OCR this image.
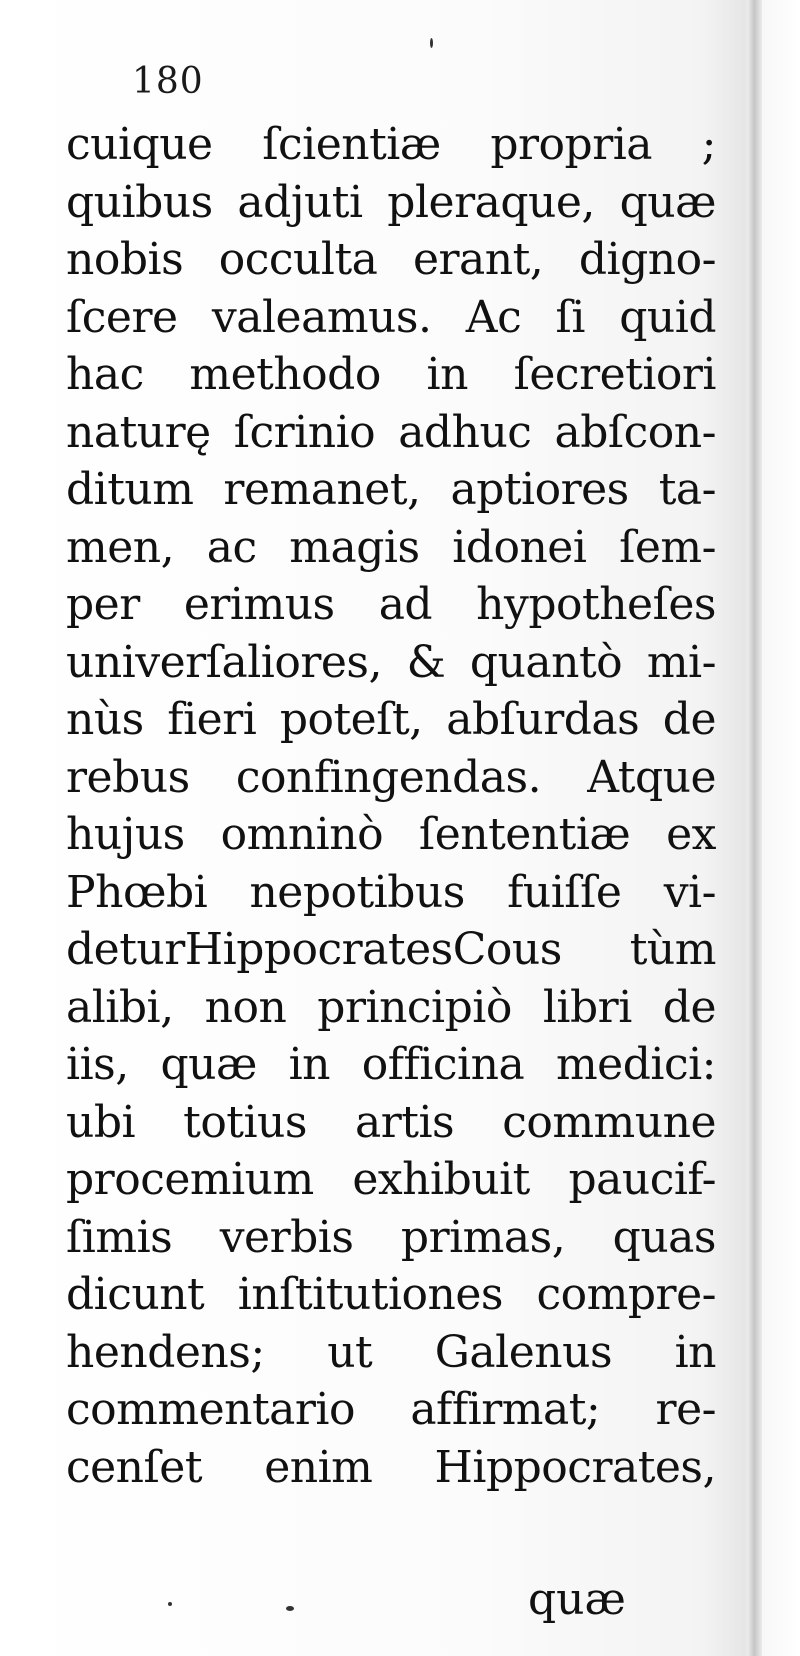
180
cuique ſcientiæ propria ;
quibus adjuti pleraque, quæ
nobis occulta erant, digno-
ſcere valeamus. Ac ſi quid
hac methodo in ſecretiori
naturę ſcrinio adhuc abſcon-
ditum remanet, aptiores ta-
men, ac magis idonei ſem-
per erimus ad hypotheſes
univerſaliores, & quantò mi-
nùs fieri poteſt, abſurdas de
rebus confingendas. Atque
hujus omninò ſententiæ ex
Phœbi nepotibus fuiſſe vi-
deturHippocratesCous tùm
alibi, non principiò libri de
iis, quæ in officina medici:
ubi totius artis commune
procemium exhibuit paucif-
ſimis verbis primas, quas
dicunt inſtitutiones compre-
hendens; ut Galenus in
commentario affirmat; re-
cenſet enim Hippocrates,
quæ
